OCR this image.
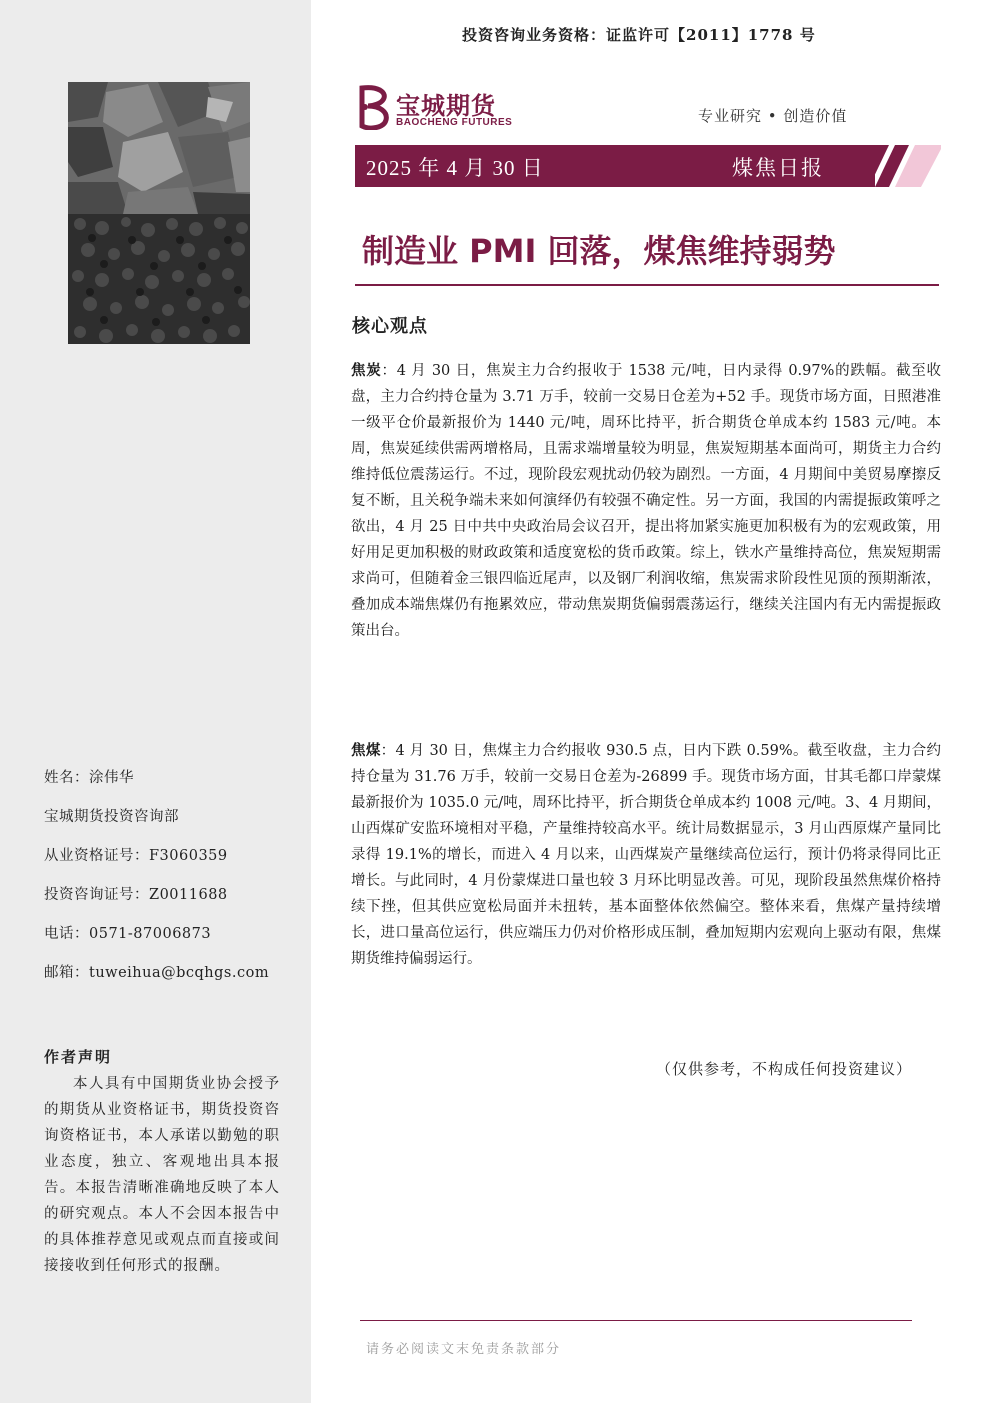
投资咨询业务资格：证监许可【2011】1778 号
宝城期货
BAOCHENG FUTURES	专业研究 • 创造价值
2025 年 4 月 30 日	煤焦日报
制造业 PMI 回落，煤焦维持弱势
核心观点
焦炭：4 月 30 日，焦炭主力合约报收于 1538 元/吨，日内录得 0.97%的跌幅。截至收盘，主力合约持仓量为 3.71 万手，较前一交易日仓差为+52 手。现货市场方面，日照港准一级平仓价最新报价为 1440 元/吨，周环比持平，折合期货仓单成本约 1583 元/吨。本周，焦炭延续供需两增格局，且需求端增量较为明显，焦炭短期基本面尚可，期货主力合约维持低位震荡运行。不过，现阶段宏观扰动仍较为剧烈。一方面，4 月期间中美贸易摩擦反复不断，且关税争端未来如何演绎仍有较强不确定性。另一方面，我国的内需提振政策呼之欲出，4 月 25 日中共中央政治局会议召开，提出将加紧实施更加积极有为的宏观政策，用好用足更加积极的财政政策和适度宽松的货币政策。综上，铁水产量维持高位，焦炭短期需求尚可，但随着金三银四临近尾声，以及钢厂利润收缩，焦炭需求阶段性见顶的预期渐浓，叠加成本端焦煤仍有拖累效应，带动焦炭期货偏弱震荡运行，继续关注国内有无内需提振政策出台。
焦煤：4 月 30 日，焦煤主力合约报收 930.5 点，日内下跌 0.59%。截至收盘，主力合约持仓量为 31.76 万手，较前一交易日仓差为-26899 手。现货市场方面，甘其毛都口岸蒙煤最新报价为 1035.0 元/吨，周环比持平，折合期货仓单成本约 1008 元/吨。3、4 月期间，山西煤矿安监环境相对平稳，产量维持较高水平。统计局数据显示，3 月山西原煤产量同比录得 19.1%的增长，而进入 4 月以来，山西煤炭产量继续高位运行，预计仍将录得同比正增长。与此同时，4 月份蒙煤进口量也较 3 月环比明显改善。可见，现阶段虽然焦煤价格持续下挫，但其供应宽松局面并未扭转，基本面整体依然偏空。整体来看，焦煤产量持续增长，进口量高位运行，供应端压力仍对价格形成压制，叠加短期内宏观向上驱动有限，焦煤期货维持偏弱运行。
（仅供参考，不构成任何投资建议）
姓名：涂伟华
宝城期货投资咨询部
从业资格证号：F3060359
投资咨询证号：Z0011688
电话：0571-87006873
邮箱：tuweihua@bcqhgs.com
作者声明
本人具有中国期货业协会授予的期货从业资格证书，期货投资咨询资格证书，本人承诺以勤勉的职业态度，独立、客观地出具本报告。本报告清晰准确地反映了本人的研究观点。本人不会因本报告中的具体推荐意见或观点而直接或间接接收到任何形式的报酬。
请务必阅读文末免责条款部分
